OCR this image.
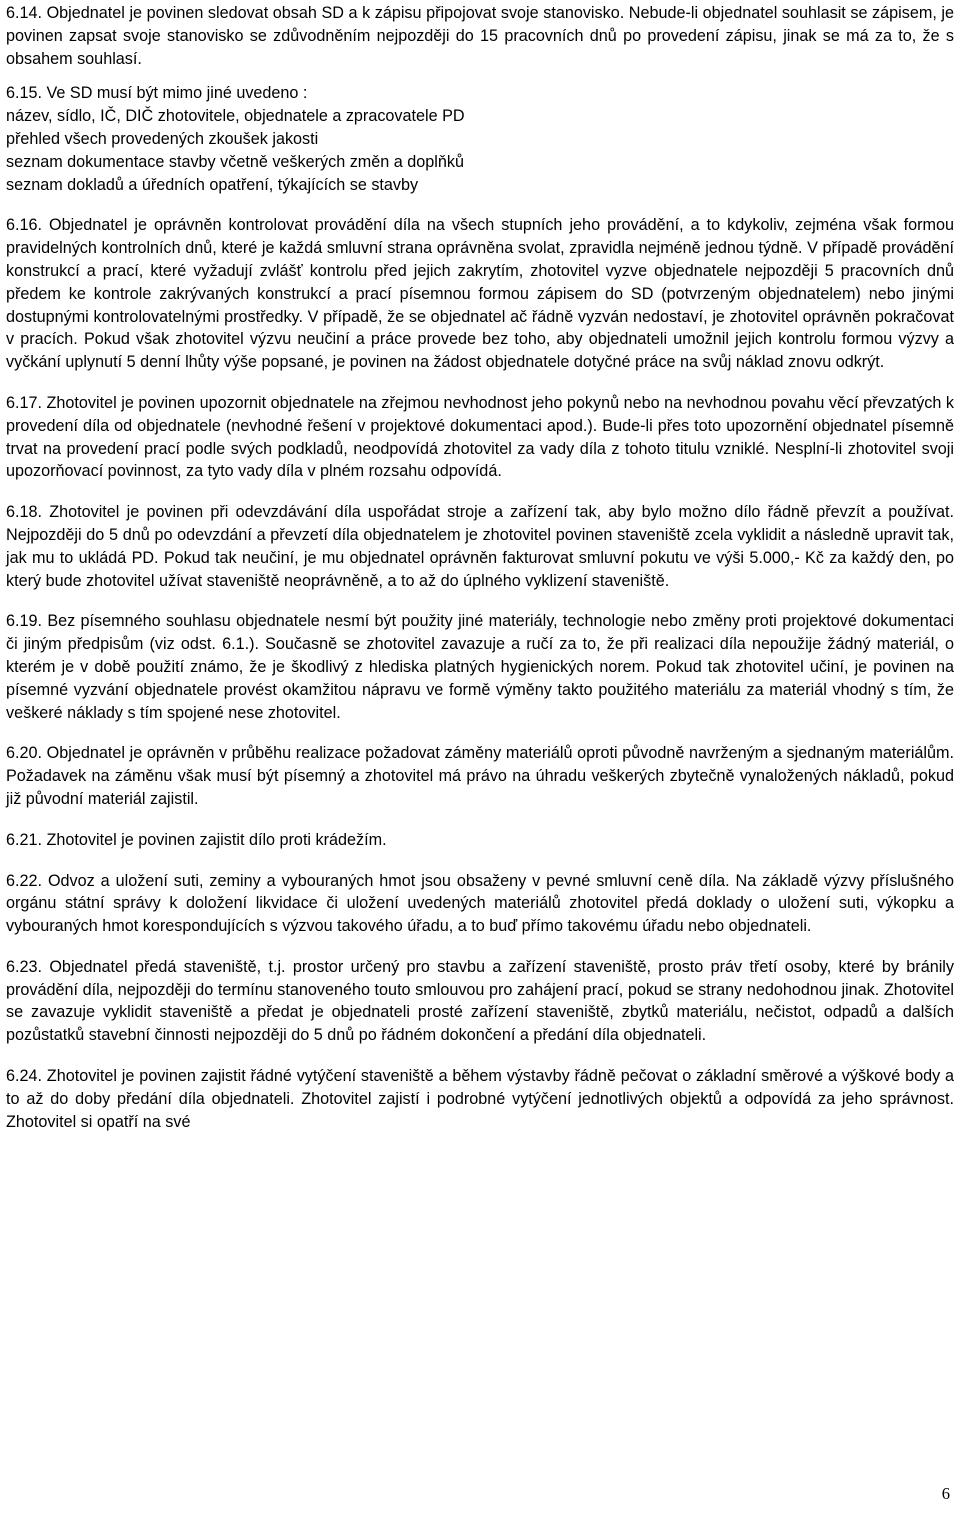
6.14. Objednatel je povinen sledovat obsah SD a k zápisu připojovat svoje stanovisko. Nebude-li objednatel souhlasit se zápisem, je povinen zapsat svoje stanovisko se zdůvodněním nejpozději do 15 pracovních dnů po provedení zápisu, jinak se má za to, že s obsahem souhlasí.

6.15. Ve SD musí být mimo jiné uvedeno :
název, sídlo, IČ, DIČ zhotovitele, objednatele a zpracovatele PD
přehled všech provedených zkoušek jakosti
seznam dokumentace stavby včetně veškerých změn a doplňků
seznam dokladů a úředních opatření, týkajících se stavby

6.16. Objednatel je oprávněn kontrolovat provádění díla na všech stupních jeho provádění, a to kdykoliv, zejména však formou pravidelných kontrolních dnů, které je každá smluvní strana oprávněna svolat, zpravidla nejméně jednou týdně. V případě provádění konstrukcí a prací, které vyžadují zvlášť kontrolu před jejich zakrytím, zhotovitel vyzve objednatele nejpozději 5 pracovních dnů předem ke kontrole zakrývaných konstrukcí a prací písemnou formou zápisem do SD (potvrzeným objednatelem) nebo jinými dostupnými kontrolovatelnými prostředky. V případě, že se objednatel ač řádně vyzván nedostaví, je zhotovitel oprávněn pokračovat v pracích. Pokud však zhotovitel výzvu neučiní a práce provede bez toho, aby objednateli umožnil jejich kontrolu formou výzvy a vyčkání uplynutí 5 denní lhůty výše popsané, je povinen na žádost objednatele dotyčné práce na svůj náklad znovu odkrýt.

6.17. Zhotovitel je povinen upozornit objednatele na zřejmou nevhodnost jeho pokynů nebo na nevhodnou povahu věcí převzatých k provedení díla od objednatele (nevhodné řešení v projektové dokumentaci apod.). Bude-li přes toto upozornění objednatel písemně trvat na provedení prací podle svých podkladů, neodpovídá zhotovitel za vady díla z tohoto titulu vzniklé. Nesplní-li zhotovitel svoji upozorňovací povinnost, za tyto vady díla v plném rozsahu odpovídá.

6.18. Zhotovitel je povinen při odevzdávání díla uspořádat stroje a zařízení tak, aby bylo možno dílo řádně převzít a používat. Nejpozději do 5 dnů po odevzdání a převzetí díla objednatelem je zhotovitel povinen staveniště zcela vyklidit a následně upravit tak, jak mu to ukládá PD. Pokud tak neučiní, je mu objednatel oprávněn fakturovat smluvní pokutu ve výši 5.000,- Kč za každý den, po který bude zhotovitel užívat staveniště neoprávněně, a to až do úplného vyklizení staveniště.

6.19. Bez písemného souhlasu objednatele nesmí být použity jiné materiály, technologie nebo změny proti projektové dokumentaci či jiným předpisům (viz odst. 6.1.). Současně se zhotovitel zavazuje a ručí za to, že při realizaci díla nepoužije žádný materiál, o kterém je v době použití známo, že je škodlivý z hlediska platných hygienických norem. Pokud tak zhotovitel učiní, je povinen na písemné vyzvání objednatele provést okamžitou nápravu ve formě výměny takto použitého materiálu za materiál vhodný s tím, že veškeré náklady s tím spojené nese zhotovitel.

6.20. Objednatel je oprávněn v průběhu realizace požadovat záměny materiálů oproti původně navrženým a sjednaným materiálům. Požadavek na záměnu však musí být písemný a zhotovitel má právo na úhradu veškerých zbytečně vynaložených nákladů, pokud již původní materiál zajistil.

6.21. Zhotovitel je povinen zajistit dílo proti krádežím.

6.22. Odvoz a uložení suti, zeminy a vybouraných hmot jsou obsaženy v pevné smluvní ceně díla. Na základě výzvy příslušného orgánu státní správy k doložení likvidace či uložení uvedených materiálů zhotovitel předá doklady o uložení suti, výkopku a vybouraných hmot korespondujících s výzvou takového úřadu, a to buď přímo takovému úřadu nebo objednateli.

6.23. Objednatel předá staveniště, t.j. prostor určený pro stavbu a zařízení staveniště, prosto práv třetí osoby, které by bránily provádění díla, nejpozději do termínu stanoveného touto smlouvou pro zahájení prací, pokud se strany nedohodnou jinak. Zhotovitel se zavazuje vyklidit staveniště a předat je objednateli prosté zařízení staveniště, zbytků materiálu, nečistot, odpadů a dalších pozůstatků stavební činnosti nejpozději do 5 dnů po řádném dokončení a předání díla objednateli.

6.24. Zhotovitel je povinen zajistit řádné vytýčení staveniště a během výstavby řádně pečovat o základní směrové a výškové body a to až do doby předání díla objednateli. Zhotovitel zajistí i podrobné vytýčení jednotlivých objektů a odpovídá za jeho správnost. Zhotovitel si opatří na své

6
